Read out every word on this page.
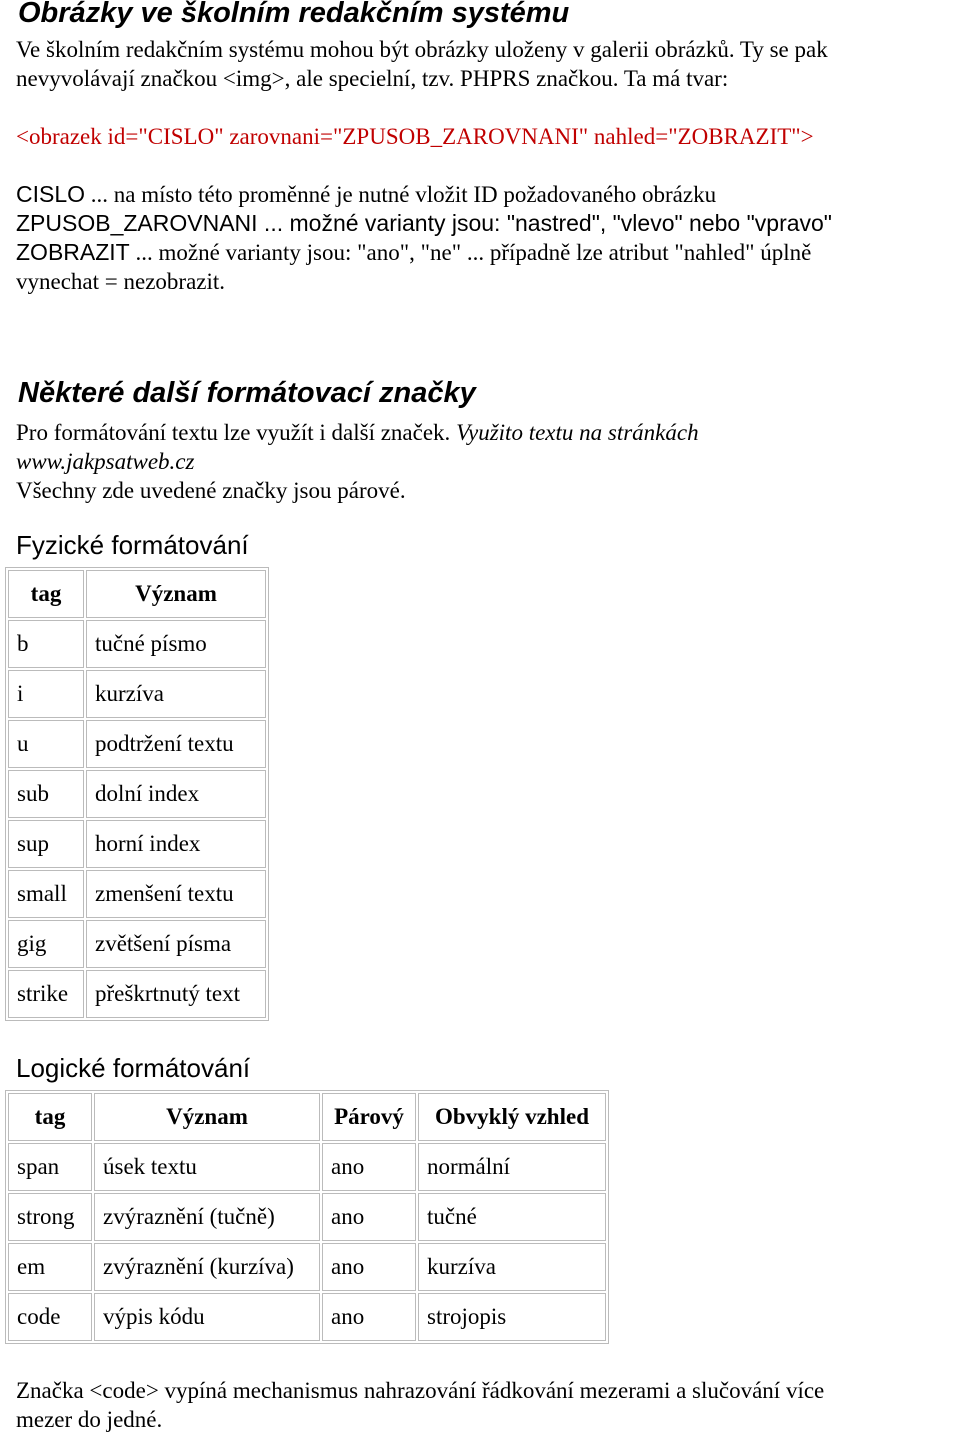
Obrázky ve školním redakčním systému

Ve školním redakčním systému mohou být obrázky uloženy v galerii obrázků. Ty se pak
nevyvolávají značkou <img>, ale specielní, tzv. PHPRS značkou. Ta má tvar:

<obrazek id="CISLO" zarovnani="ZPUSOB_ZAROVNANI" nahled="ZOBRAZIT">

CISLO ... na místo této proměnné je nutné vložit ID požadovaného obrázku
ZPUSOB_ZAROVNANI ... možné varianty jsou: "nastred", "vlevo" nebo "vpravo"
ZOBRAZIT ... možné varianty jsou: "ano", "ne" ... případně lze atribut "nahled" úplně
vynechat = nezobrazit.

Některé další formátovací značky

Pro formátování textu lze využít i další značek. Využito textu na stránkách
www.jakpsatweb.cz
Všechny zde uvedené značky jsou párové.

Fyzické formátování
tag	Význam
b	tučné písmo
i	kurzíva
u	podtržení textu
sub	dolní index
sup	horní index
small	zmenšení textu
gig	zvětšení písma
strike	přeškrtnutý text
Logické formátování
tag	Význam	Párový	Obvyklý vzhled
span	úsek textu	ano	normální
strong	zvýraznění (tučně)	ano	tučné
em	zvýraznění (kurzíva)	ano	kurzíva
code	výpis kódu	ano	strojopis

Značka <code> vypíná mechanismus nahrazování řádkování mezerami a slučování více
mezer do jedné.
